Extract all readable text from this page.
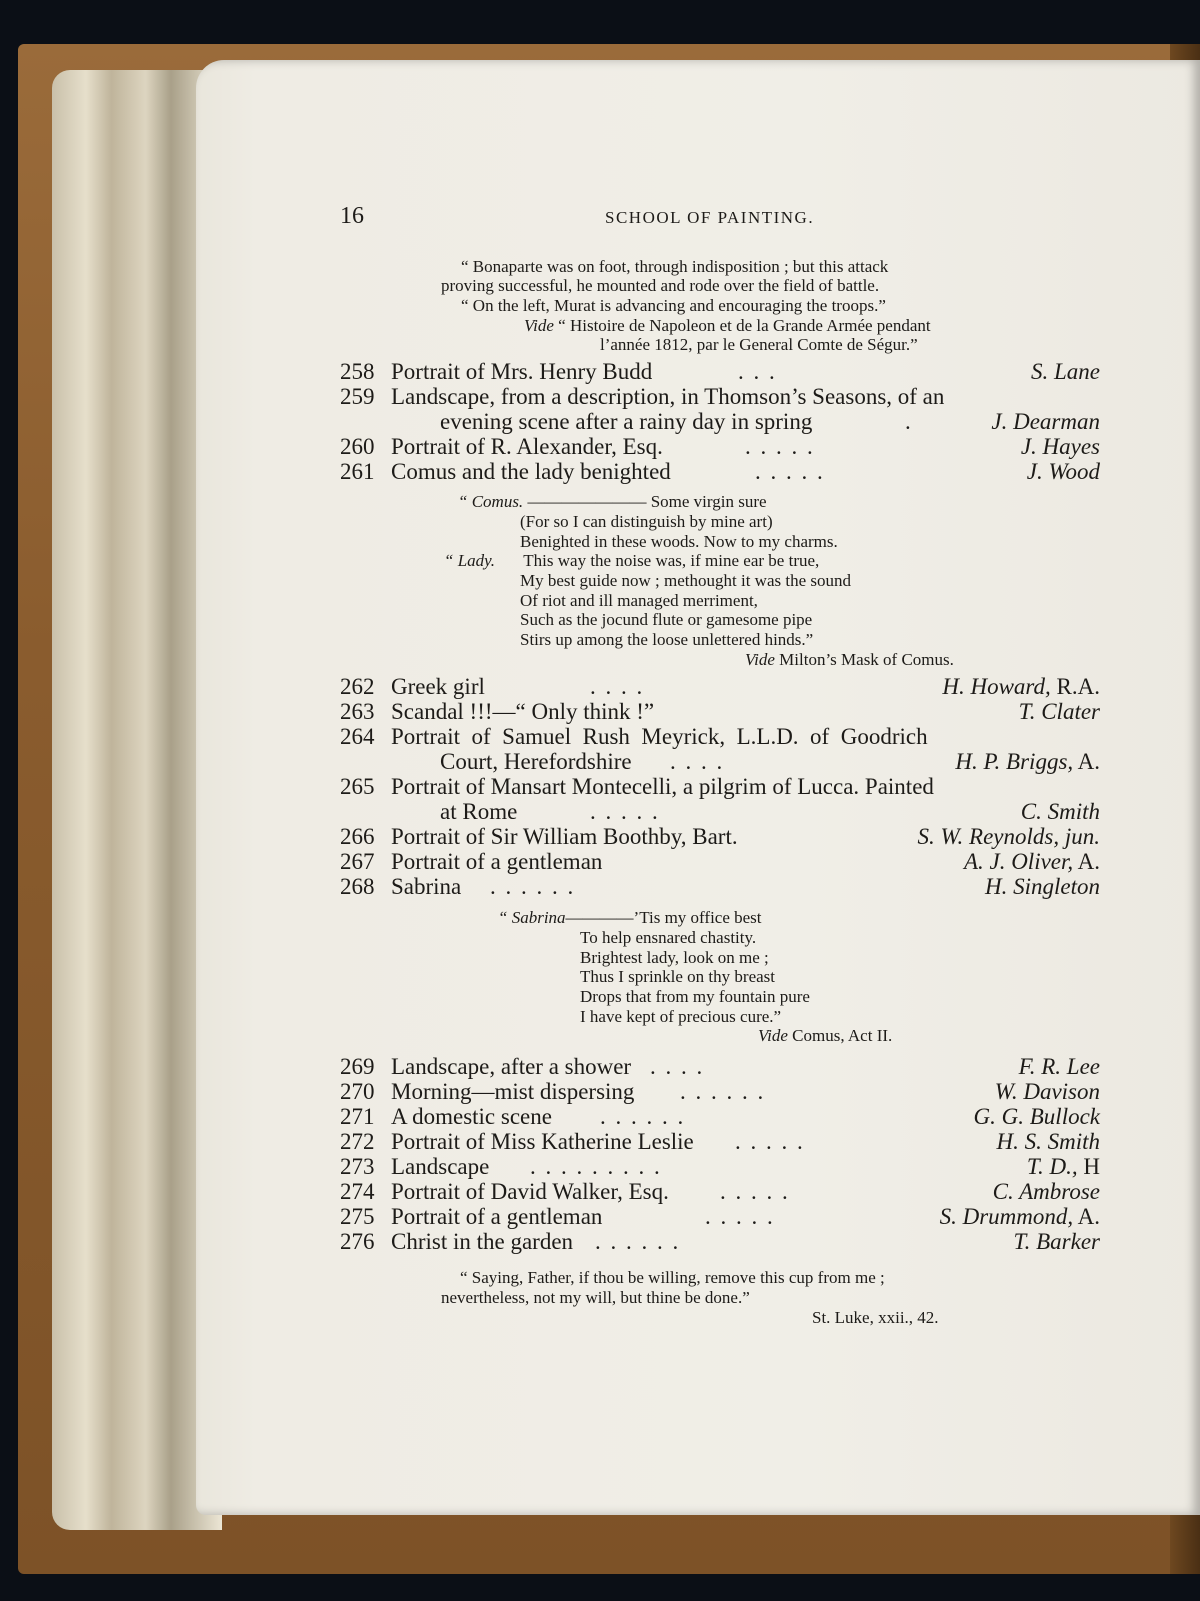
16	SCHOOL OF PAINTING.
“ Bonaparte was on foot, through indisposition ; but this attack
proving successful, he mounted and rode over the field of battle.
“ On the left, Murat is advancing and encouraging the troops.”
Vide “ Histoire de Napoleon et de la Grande Armée pendant
l’année 1812, par le General Comte de Ségur.”
258 Portrait of Mrs. Henry Budd	. . .	S. Lane
259 Landscape, from a description, in Thomson’s Seasons, of an
evening scene after a rainy day in spring	.	J. Dearman
260 Portrait of R. Alexander, Esq.	. . . . .	J. Hayes
261 Comus and the lady benighted	. . . . .	J. Wood
“ Comus. ——————— Some virgin sure
(For so I can distinguish by mine art)
Benighted in these woods. Now to my charms.
“ Lady. This way the noise was, if mine ear be true,
My best guide now ; methought it was the sound
Of riot and ill managed merriment,
Such as the jocund flute or gamesome pipe
Stirs up among the loose unlettered hinds.”
Vide Milton’s Mask of Comus.
262 Greek girl	. . . .	H. Howard, R.A.
263 Scandal !!!—“ Only think !”	T. Clater
264 Portrait  of  Samuel  Rush  Meyrick,  L.L.D.  of  Goodrich
Court, Herefordshire . . . .	H. P. Briggs, A.
265 Portrait of Mansart Montecelli, a pilgrim of Lucca. Painted
at Rome	. . . . .	C. Smith
266 Portrait of Sir William Boothby, Bart.	S. W. Reynolds, jun.
267 Portrait of a gentleman	A. J. Oliver, A.
268 Sabrina . . . . . .	H. Singleton
“ Sabrina————’Tis my office best
To help ensnared chastity.
Brightest lady, look on me ;
Thus I sprinkle on thy breast
Drops that from my fountain pure
I have kept of precious cure.”
Vide Comus, Act II.
269 Landscape, after a shower . . . .	F. R. Lee
270 Morning—mist dispersing . . . . . .	W. Davison
271 A domestic scene . . . . . .	G. G. Bullock
272 Portrait of Miss Katherine Leslie . . . . .	H. S. Smith
273 Landscape . . . . . . . . .	T. D., H
274 Portrait of David Walker, Esq. . . . . .	C. Ambrose
275 Portrait of a gentleman	. . . . .	S. Drummond, A.
276 Christ in the garden . . . . . .	T. Barker
“ Saying, Father, if thou be willing, remove this cup from me ;
nevertheless, not my will, but thine be done.”
St. Luke, xxii., 42.
